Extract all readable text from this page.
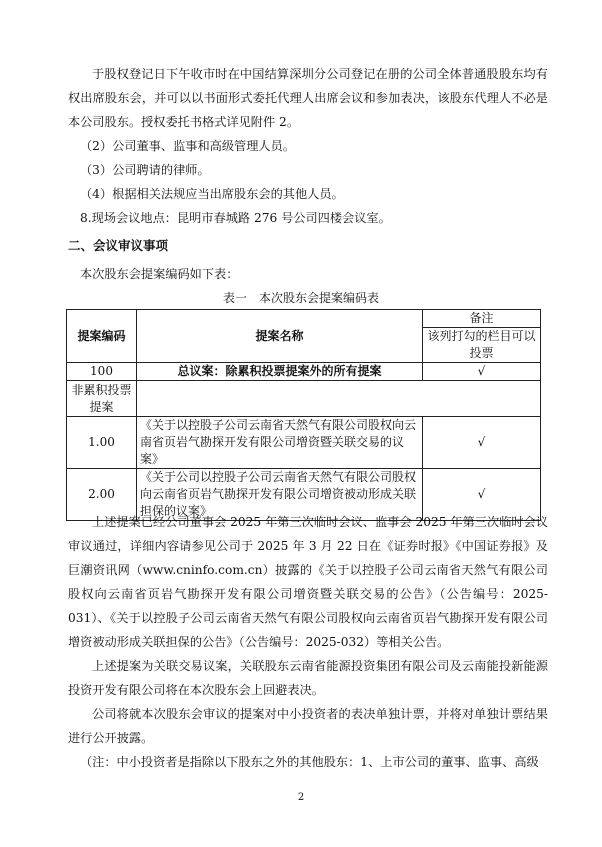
于股权登记日下午收市时在中国结算深圳分公司登记在册的公司全体普通股股东均有权出席股东会，并可以以书面形式委托代理人出席会议和参加表决，该股东代理人不必是本公司股东。授权委托书格式详见附件 2。

（2）公司董事、监事和高级管理人员。

（3）公司聘请的律师。

（4）根据相关法规应当出席股东会的其他人员。

8.现场会议地点：昆明市春城路 276 号公司四楼会议室。

二、会议审议事项

本次股东会提案编码如下表：

表一　本次股东会提案编码表
提案编码	提案名称	备注
		该列打勾的栏目可以投票
100	总议案：除累积投票提案外的所有提案	√
非累积投票提案		
1.00	《关于以控股子公司云南省天然气有限公司股权向云南省页岩气勘探开发有限公司增资暨关联交易的议案》	√
2.00	《关于公司以控股子公司云南省天然气有限公司股权向云南省页岩气勘探开发有限公司增资被动形成关联担保的议案》	√

上述提案已经公司董事会 2025 年第三次临时会议、监事会 2025 年第三次临时会议审议通过，详细内容请参见公司于 2025 年 3 月 22 日在《证券时报》《中国证券报》及巨潮资讯网（www.cninfo.com.cn）披露的《关于以控股子公司云南省天然气有限公司股权向云南省页岩气勘探开发有限公司增资暨关联交易的公告》（公告编号：2025-031）、《关于以控股子公司云南省天然气有限公司股权向云南省页岩气勘探开发有限公司增资被动形成关联担保的公告》（公告编号：2025-032）等相关公告。

上述提案为关联交易议案，关联股东云南省能源投资集团有限公司及云南能投新能源投资开发有限公司将在本次股东会上回避表决。

公司将就本次股东会审议的提案对中小投资者的表决单独计票，并将对单独计票结果进行公开披露。

（注：中小投资者是指除以下股东之外的其他股东：1、上市公司的董事、监事、高级

2
